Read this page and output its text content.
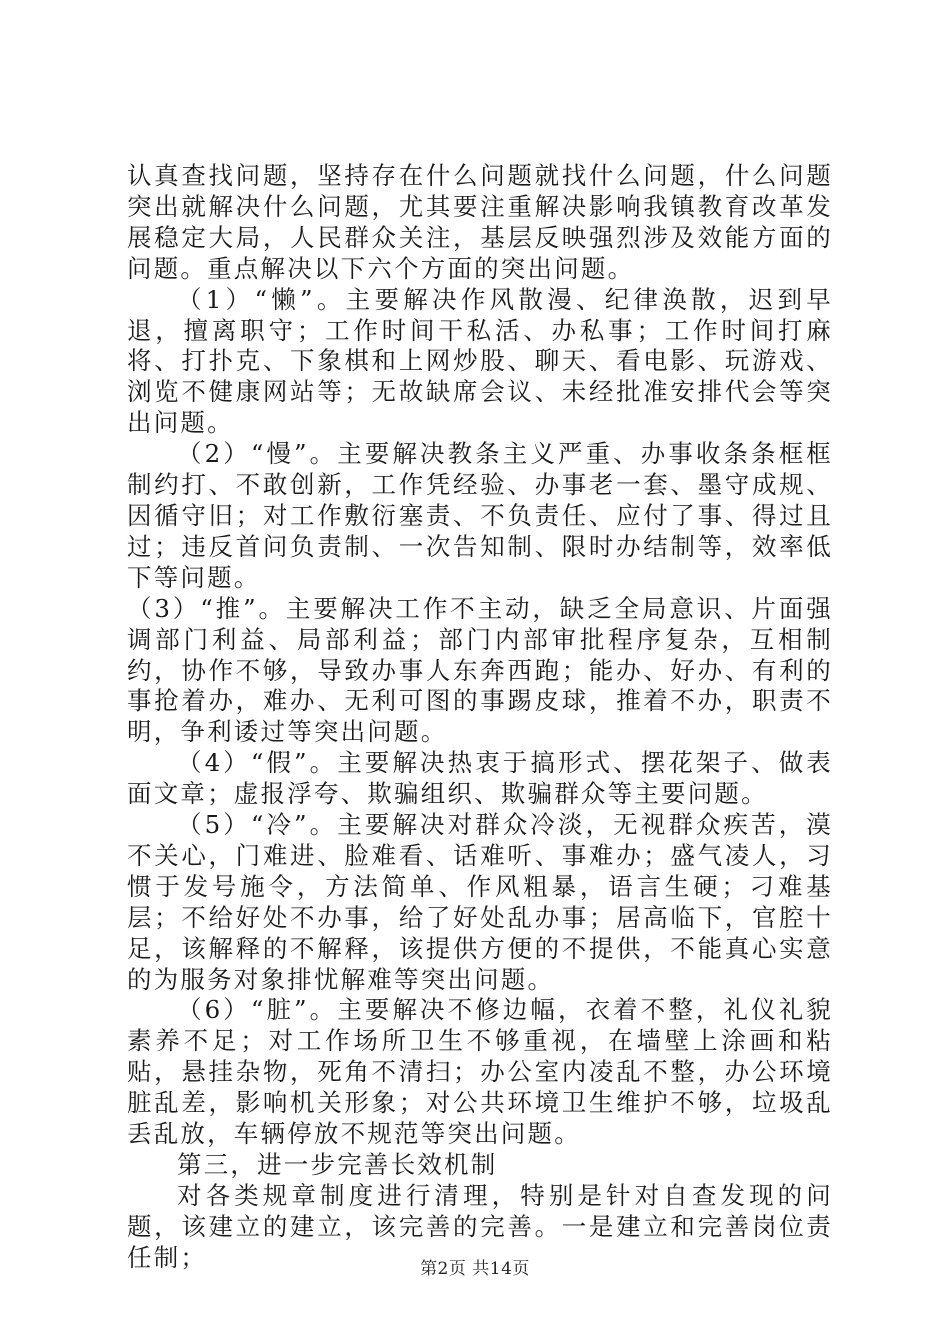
认真查找问题，坚持存在什么问题就找什么问题，什么问题突出就解决什么问题，尤其要注重解决影响我镇教育改革发展稳定大局，人民群众关注，基层反映强烈涉及效能方面的问题。重点解决以下六个方面的突出问题。

（1）“懒”。主要解决作风散漫、纪律涣散，迟到早退，擅离职守；工作时间干私活、办私事；工作时间打麻将、打扑克、下象棋和上网炒股、聊天、看电影、玩游戏、浏览不健康网站等；无故缺席会议、未经批准安排代会等突出问题。

（2）“慢”。主要解决教条主义严重、办事收条条框框制约打、不敢创新，工作凭经验、办事老一套、墨守成规、因循守旧；对工作敷衍塞责、不负责任、应付了事、得过且过；违反首问负责制、一次告知制、限时办结制等，效率低下等问题。

（3）“推”。主要解决工作不主动，缺乏全局意识、片面强调部门利益、局部利益；部门内部审批程序复杂，互相制约，协作不够，导致办事人东奔西跑；能办、好办、有利的事抢着办，难办、无利可图的事踢皮球，推着不办，职责不明，争利诿过等突出问题。

（4）“假”。主要解决热衷于搞形式、摆花架子、做表面文章；虚报浮夸、欺骗组织、欺骗群众等主要问题。

（5）“冷”。主要解决对群众冷淡，无视群众疾苦，漠不关心，门难进、脸难看、话难听、事难办；盛气凌人，习惯于发号施令，方法简单、作风粗暴，语言生硬；刁难基层；不给好处不办事，给了好处乱办事；居高临下，官腔十足，该解释的不解释，该提供方便的不提供，不能真心实意的为服务对象排忧解难等突出问题。

（6）“脏”。主要解决不修边幅，衣着不整，礼仪礼貌素养不足；对工作场所卫生不够重视，在墙壁上涂画和粘贴，悬挂杂物，死角不清扫；办公室内凌乱不整，办公环境脏乱差，影响机关形象；对公共环境卫生维护不够，垃圾乱丢乱放，车辆停放不规范等突出问题。

第三，进一步完善长效机制

对各类规章制度进行清理，特别是针对自查发现的问题，该建立的建立，该完善的完善。一是建立和完善岗位责任制；	第2页 共14页
